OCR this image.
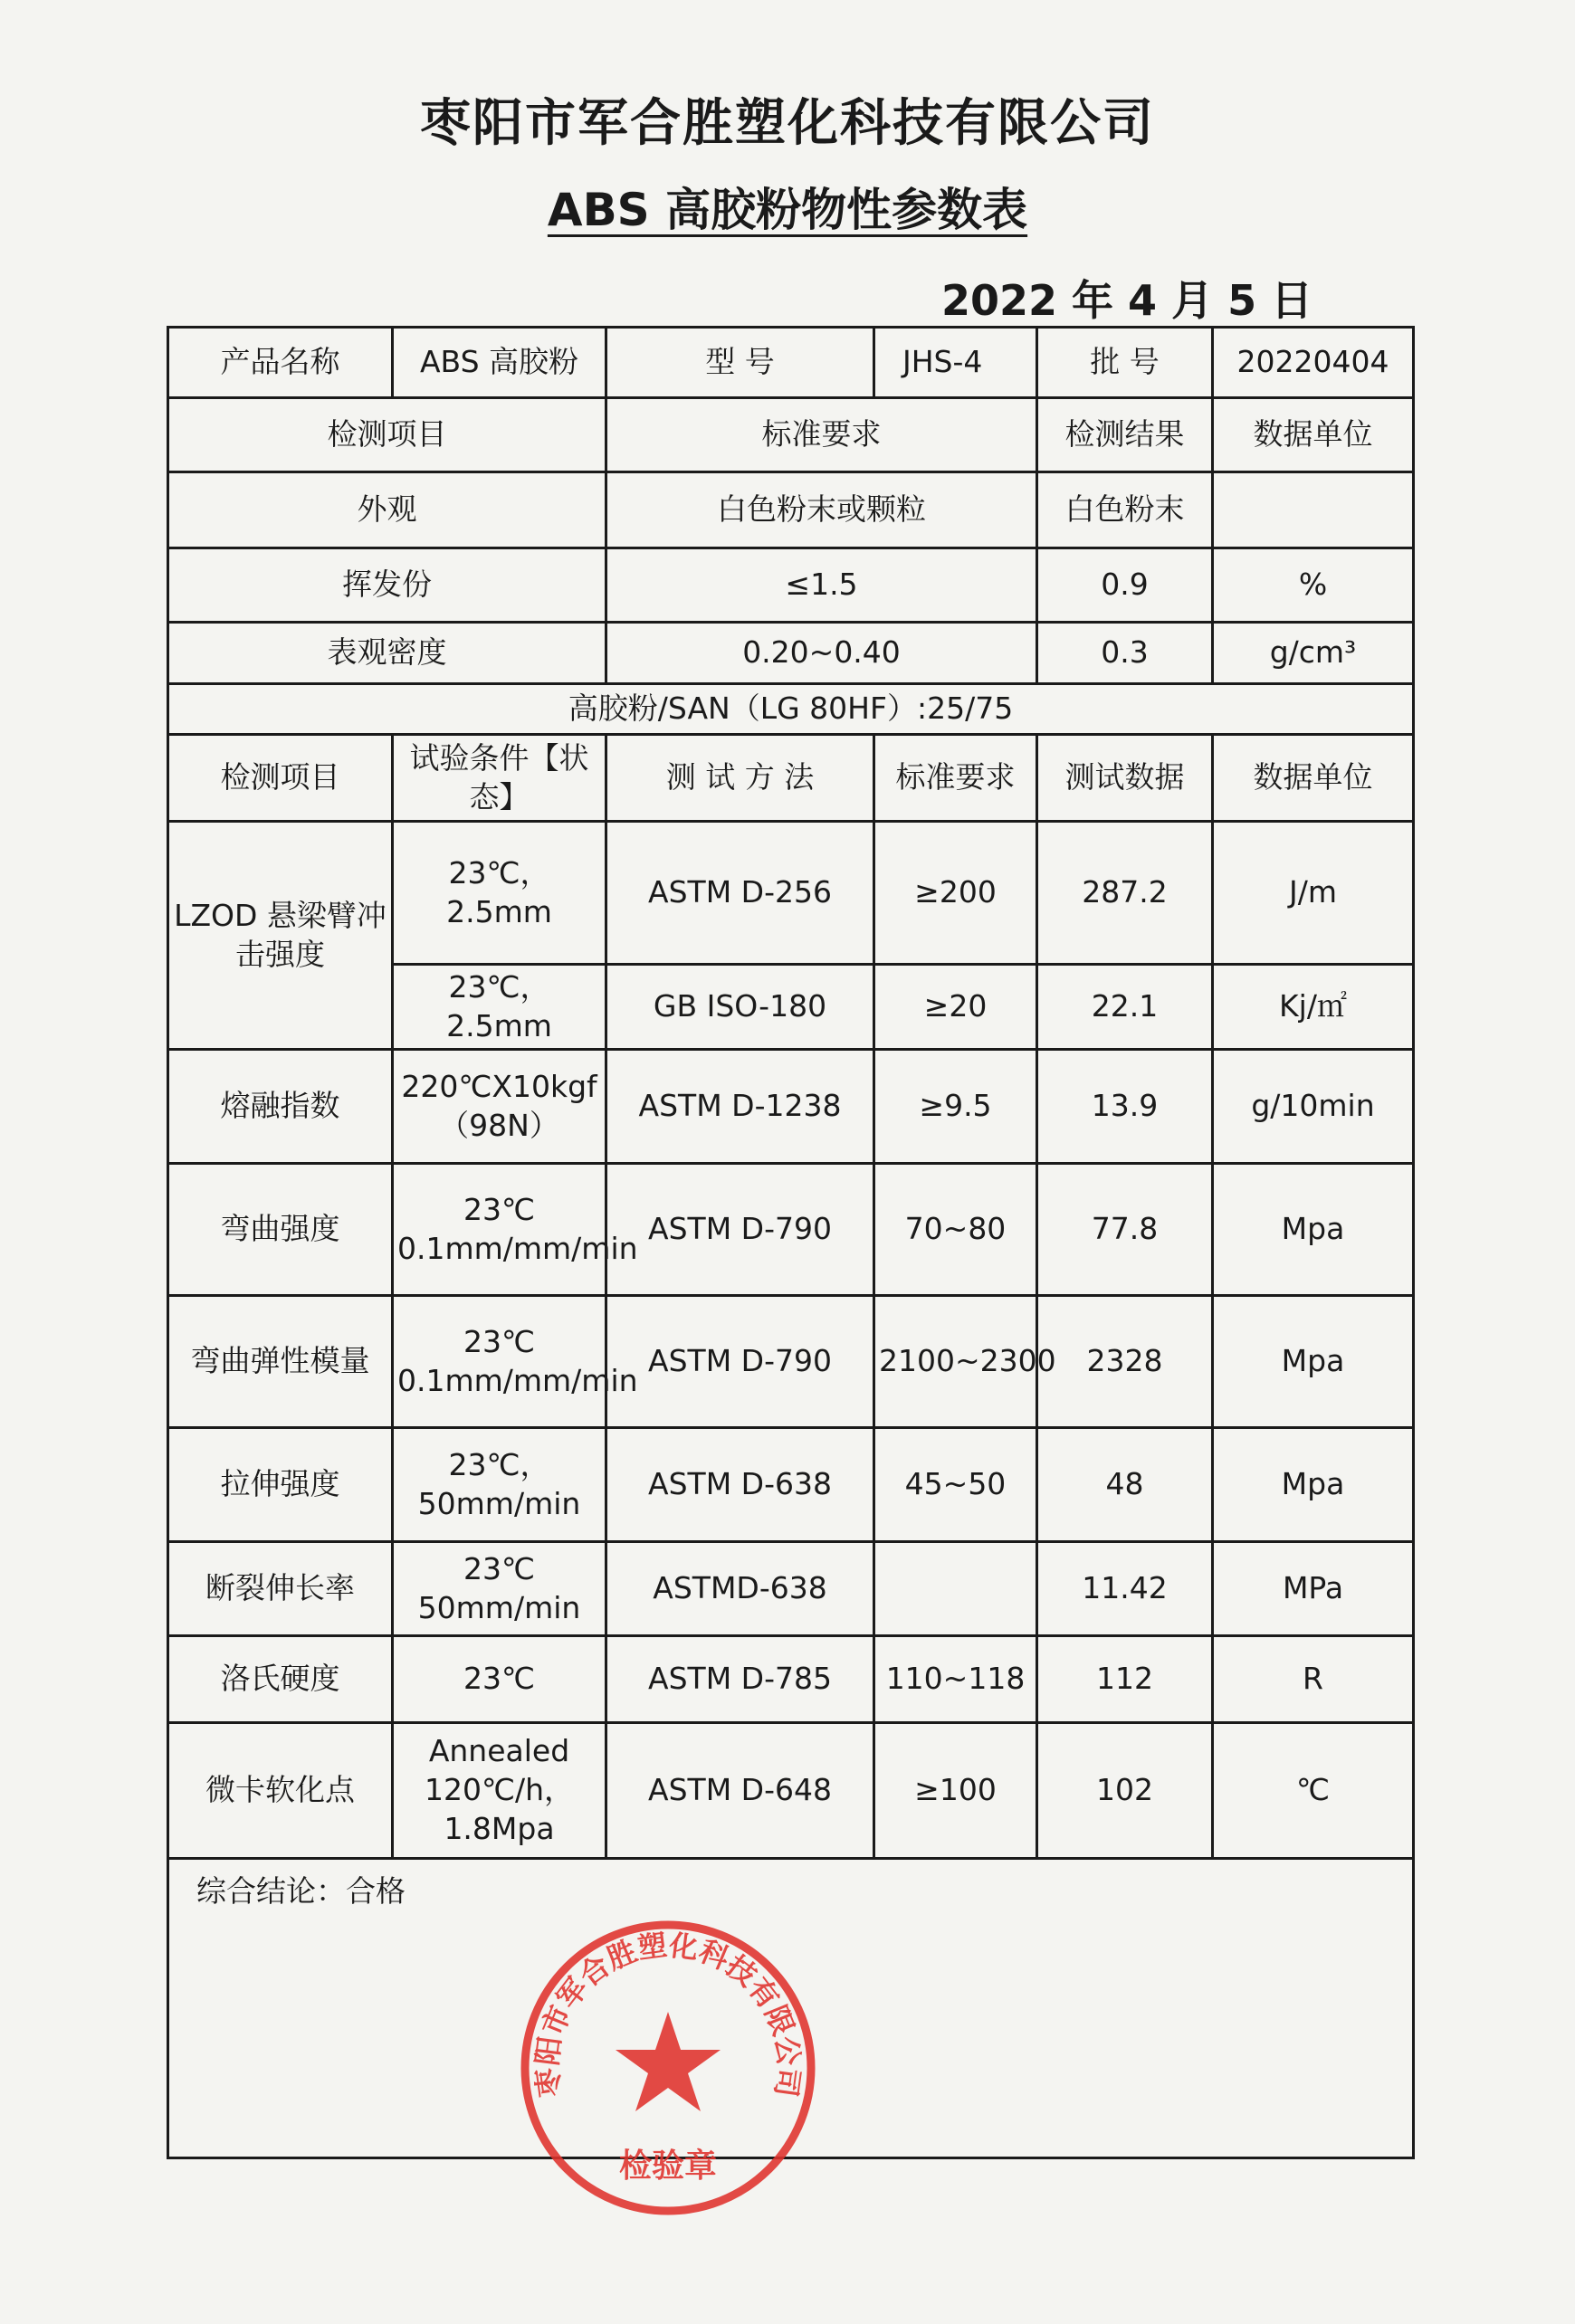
枣阳市军合胜塑化科技有限公司
ABS 高胶粉物性参数表
2022 年 4 月 5 日
产品名称	ABS 高胶粉	型 号	JHS-4	批 号	20220404
检测项目		标准要求		检测结果	数据单位
外观		白色粉末或颗粒		白色粉末	
挥发份		≤1.5		0.9	%
表观密度		0.20~0.40		0.3	g/cm³
高胶粉/SAN（LG 80HF）:25/75					
检测项目	试验条件【状态】	测 试 方 法	标准要求	测试数据	数据单位
LZOD 悬梁臂冲击强度	23℃，2.5mm	ASTM D-256	≥200	287.2	J/m
	23℃，2.5mm	GB ISO-180	≥20	22.1	Kj/㎡
熔融指数	220℃X10kgf（98N）	ASTM D-1238	≥9.5	13.9	g/10min
弯曲强度	23℃ 0.1mm/mm/min	ASTM D-790	70~80	77.8	Mpa
弯曲弹性模量	23℃ 0.1mm/mm/min	ASTM D-790	2100~2300	2328	Mpa
拉伸强度	23℃，50mm/min	ASTM D-638	45~50	48	Mpa
断裂伸长率	23℃ 50mm/min	ASTMD-638		11.42	MPa
洛氏硬度	23℃	ASTM D-785	110~118	112	R
微卡软化点	Annealed 120℃/h，1.8Mpa	ASTM D-648	≥100	102	℃
综合结论：合格					
枣阳市军合胜塑化科技有限公司
检验章
